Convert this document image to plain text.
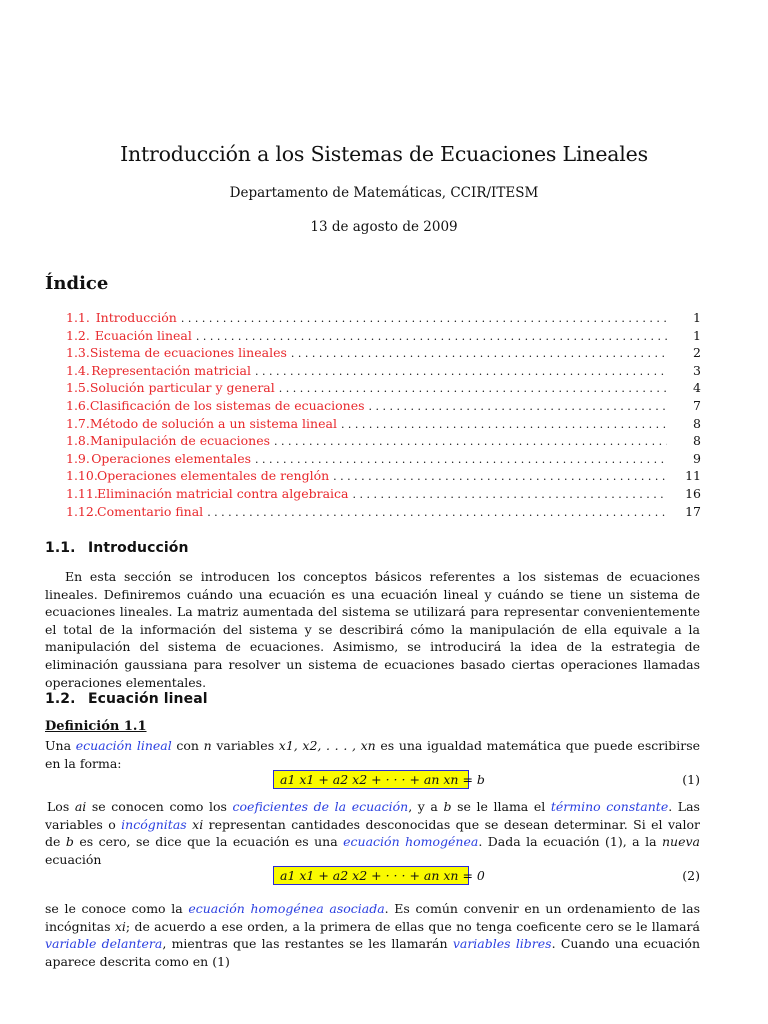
Introducción a los Sistemas de Ecuaciones Lineales
Departamento de Matemáticas, CCIR/ITESM
13 de agosto de 2009
Índice
1.1. Introducción . . .	1
1.2. Ecuación lineal . . .	1
1.3. Sistema de ecuaciones lineales . . .	2
1.4. Representación matricial . . .	3
1.5. Solución particular y general . . .	4
1.6. Clasificación de los sistemas de ecuaciones . . .	7
1.7. Método de solución a un sistema lineal . . .	8
1.8. Manipulación de ecuaciones . . .	8
1.9. Operaciones elementales . . .	9
1.10. Operaciones elementales de renglón . . .	11
1.11. Eliminación matricial contra algebraica . . .	16
1.12. Comentario final . . .	17
1.1. Introducción

En esta sección se introducen los conceptos básicos referentes a los sistemas de ecuaciones lineales. Definiremos cuándo una ecuación es una ecuación lineal y cuándo se tiene un sistema de ecuaciones lineales. La matriz aumentada del sistema se utilizará para representar convenientemente el total de la información del sistema y se describirá cómo la manipulación de ella equivale a la manipulación del sistema de ecuaciones. Asimismo, se introducirá la idea de la estrategia de eliminación gaussiana para resolver un sistema de ecuaciones basado ciertas operaciones llamadas operaciones elementales.

1.2. Ecuación lineal
Definición 1.1

Una ecuación lineal con n variables x1, x2, . . . , xn es una igualdad matemática que puede escribirse en la forma:

a1 x1 + a2 x2 + · · · + an xn = b	(1)

Los ai se conocen como los coeficientes de la ecuación, y a b se le llama el término constante. Las variables o incógnitas xi representan cantidades desconocidas que se desean determinar. Si el valor de b es cero, se dice que la ecuación es una ecuación homogénea. Dada la ecuación (1), a la nueva ecuación

a1 x1 + a2 x2 + · · · + an xn = 0	(2)

se le conoce como la ecuación homogénea asociada. Es común convenir en un ordenamiento de las incógnitas xi; de acuerdo a ese orden, a la primera de ellas que no tenga coeficente cero se le llamará variable delantera, mientras que las restantes se les llamarán variables libres. Cuando una ecuación aparece descrita como en (1)
